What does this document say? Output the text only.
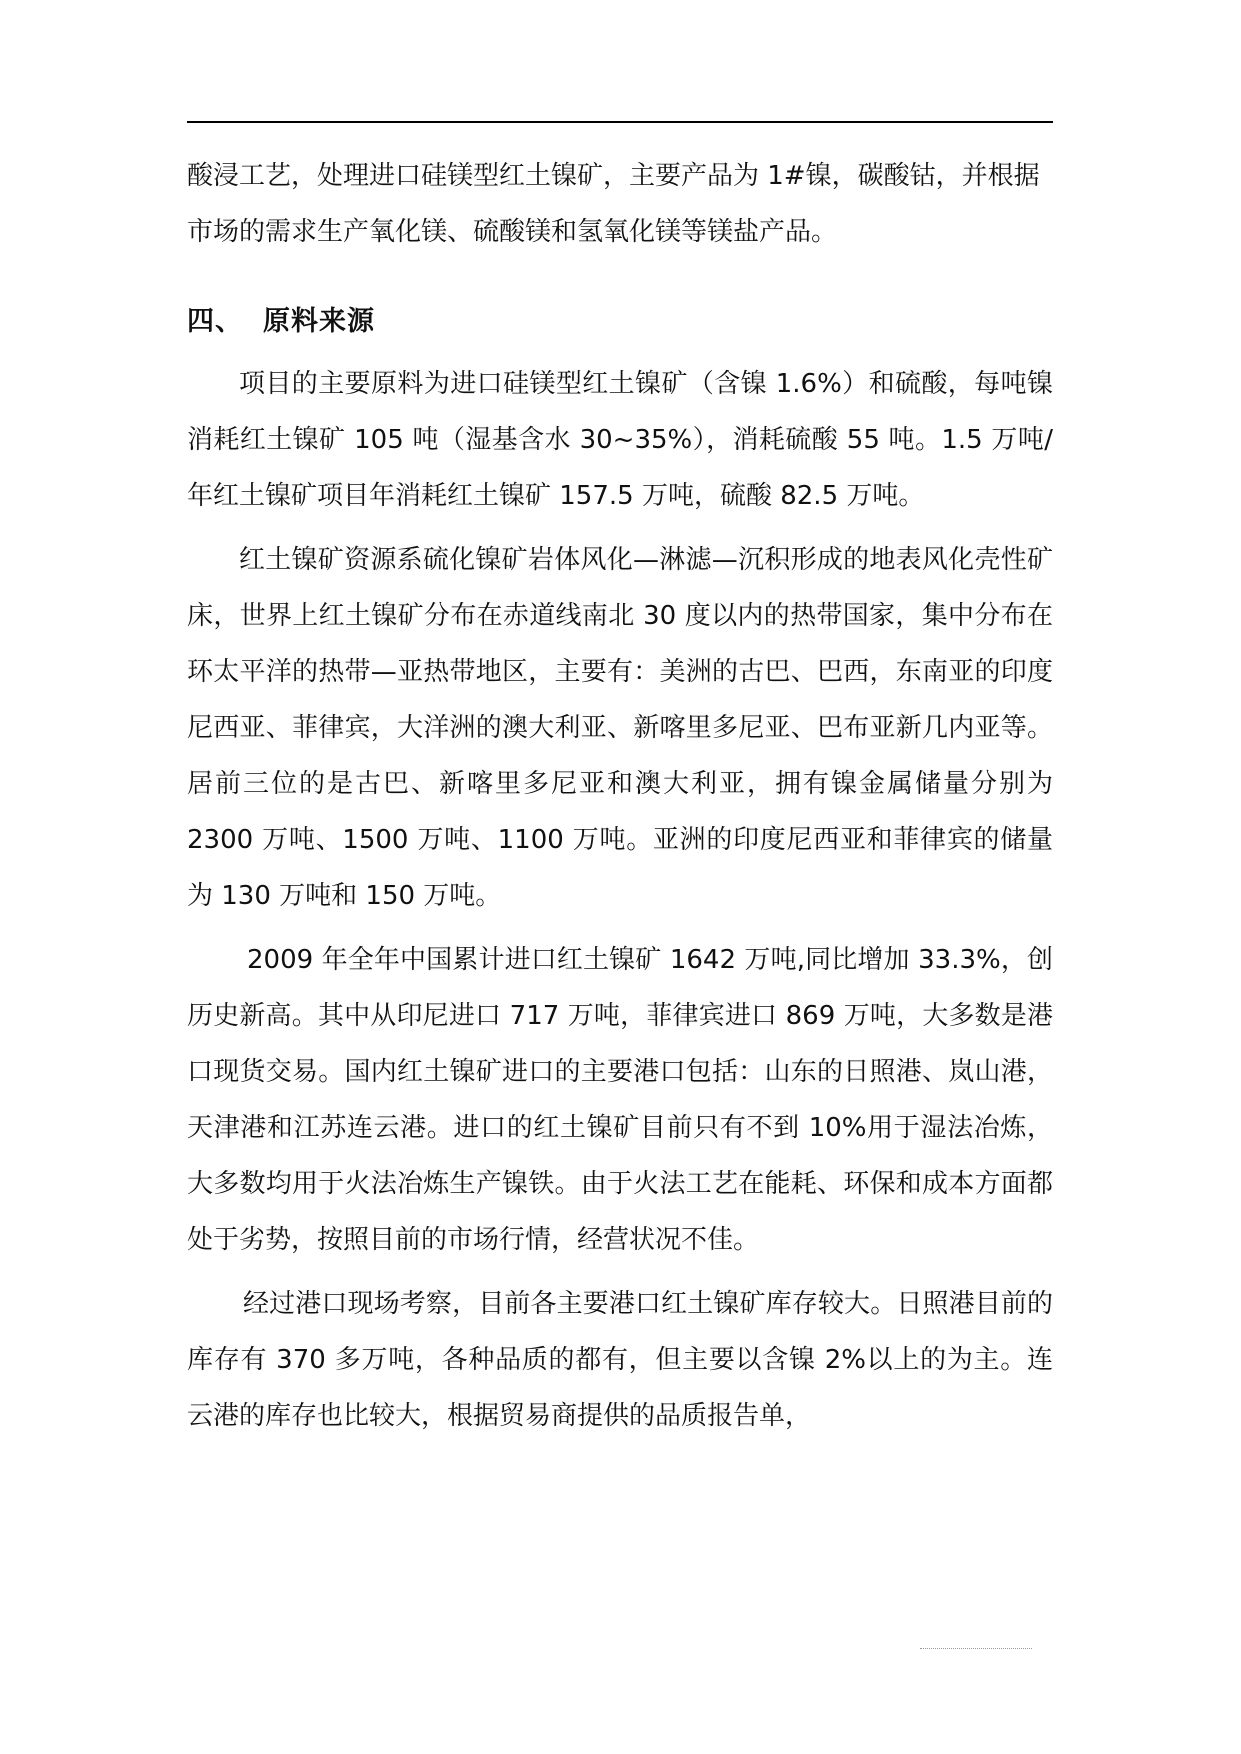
酸浸工艺，处理进口硅镁型红土镍矿，主要产品为 1#镍，碳酸钴，并根据市场的需求生产氧化镁、硫酸镁和氢氧化镁等镁盐产品。

四、 原料来源

项目的主要原料为进口硅镁型红土镍矿（含镍 1.6%）和硫酸，每吨镍消耗红土镍矿 105 吨（湿基含水 30~35%），消耗硫酸 55 吨。1.5 万吨/年红土镍矿项目年消耗红土镍矿 157.5 万吨，硫酸 82.5 万吨。

红土镍矿资源系硫化镍矿岩体风化—淋滤—沉积形成的地表风化壳性矿床，世界上红土镍矿分布在赤道线南北 30 度以内的热带国家，集中分布在环太平洋的热带—亚热带地区，主要有：美洲的古巴、巴西，东南亚的印度尼西亚、菲律宾，大洋洲的澳大利亚、新喀里多尼亚、巴布亚新几内亚等。居前三位的是古巴、新喀里多尼亚和澳大利亚，拥有镍金属储量分别为 2300 万吨、1500 万吨、1100 万吨。亚洲的印度尼西亚和菲律宾的储量为 130 万吨和 150 万吨。

2009 年全年中国累计进口红土镍矿 1642 万吨,同比增加 33.3%，创历史新高。其中从印尼进口 717 万吨，菲律宾进口 869 万吨，大多数是港口现货交易。国内红土镍矿进口的主要港口包括：山东的日照港、岚山港，天津港和江苏连云港。进口的红土镍矿目前只有不到 10%用于湿法冶炼，大多数均用于火法冶炼生产镍铁。由于火法工艺在能耗、环保和成本方面都处于劣势，按照目前的市场行情，经营状况不佳。

经过港口现场考察，目前各主要港口红土镍矿库存较大。日照港目前的库存有 370 多万吨，各种品质的都有，但主要以含镍 2%以上的为主。连云港的库存也比较大，根据贸易商提供的品质报告单，
